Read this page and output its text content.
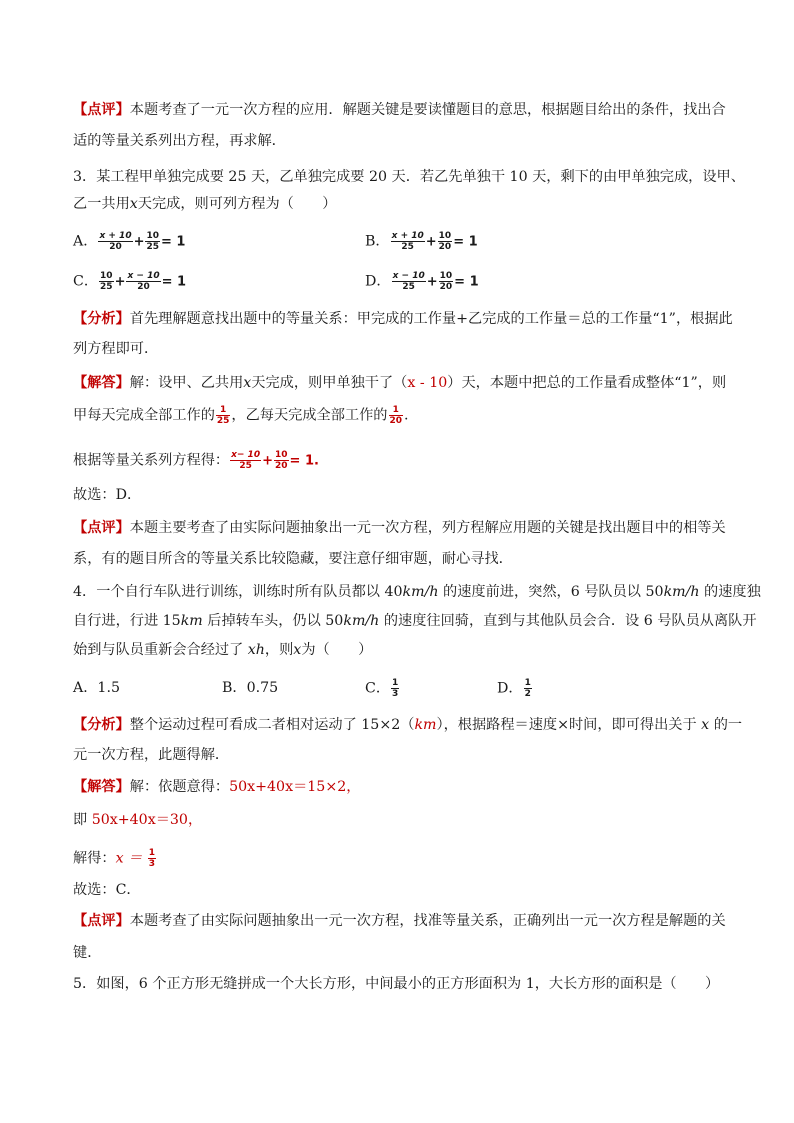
【点评】本题考查了一元一次方程的应用．解题关键是要读懂题目的意思，根据题目给出的条件，找出合
适的等量关系列出方程，再求解．
3．某工程甲单独完成要 25 天，乙单独完成要 20 天．若乙先单独干 10 天，剩下的由甲单独完成，设甲、
乙一共用x天完成，则可列方程为（　　）
A． $\frac{x + 10}{20} + \frac{10}{25} = 1$	B． $\frac{x + 10}{25} + \frac{10}{20} = 1$
C． $\frac{10}{25} + \frac{x - 10}{20} = 1$	D． $\frac{x - 10}{25} + \frac{10}{20} = 1$
【分析】首先理解题意找出题中的等量关系：甲完成的工作量+乙完成的工作量＝总的工作量“1”，根据此
列方程即可．
【解答】解：设甲、乙共用x天完成，则甲单独干了（x - 10）天，本题中把总的工作量看成整体“1”，则
甲每天完成全部工作的 $\frac{1}{25}$ ，乙每天完成全部工作的 $\frac{1}{20}$ .
根据等量关系列方程得： $\frac{x- 10}{25} + \frac{10}{20} = 1$.
故选：D．
【点评】本题主要考查了由实际问题抽象出一元一次方程，列方程解应用题的关键是找出题目中的相等关
系，有的题目所含的等量关系比较隐藏，要注意仔细审题，耐心寻找．
4．一个自行车队进行训练，训练时所有队员都以 40km/h 的速度前进，突然，6 号队员以 50km/h 的速度独
自行进，行进 15km 后掉转车头，仍以 50km/h 的速度往回骑，直到与其他队员会合．设 6 号队员从离队开
始到与队员重新会合经过了 xh，则x为（　　）
A．1.5	B．0.75	C． $\frac{1}{3}$	D． $\frac{1}{2}$
【分析】整个运动过程可看成二者相对运动了 15×2（km），根据路程＝速度×时间，即可得出关于 x 的一
元一次方程，此题得解．
【解答】解：依题意得：50x+40x＝15×2，
即 50x+40x＝30，
解得：$x = \frac{1}{3}$
故选：C．
【点评】本题考查了由实际问题抽象出一元一次方程，找准等量关系，正确列出一元一次方程是解题的关
键．
5．如图，6 个正方形无缝拼成一个大长方形，中间最小的正方形面积为 1，大长方形的面积是（　　）
